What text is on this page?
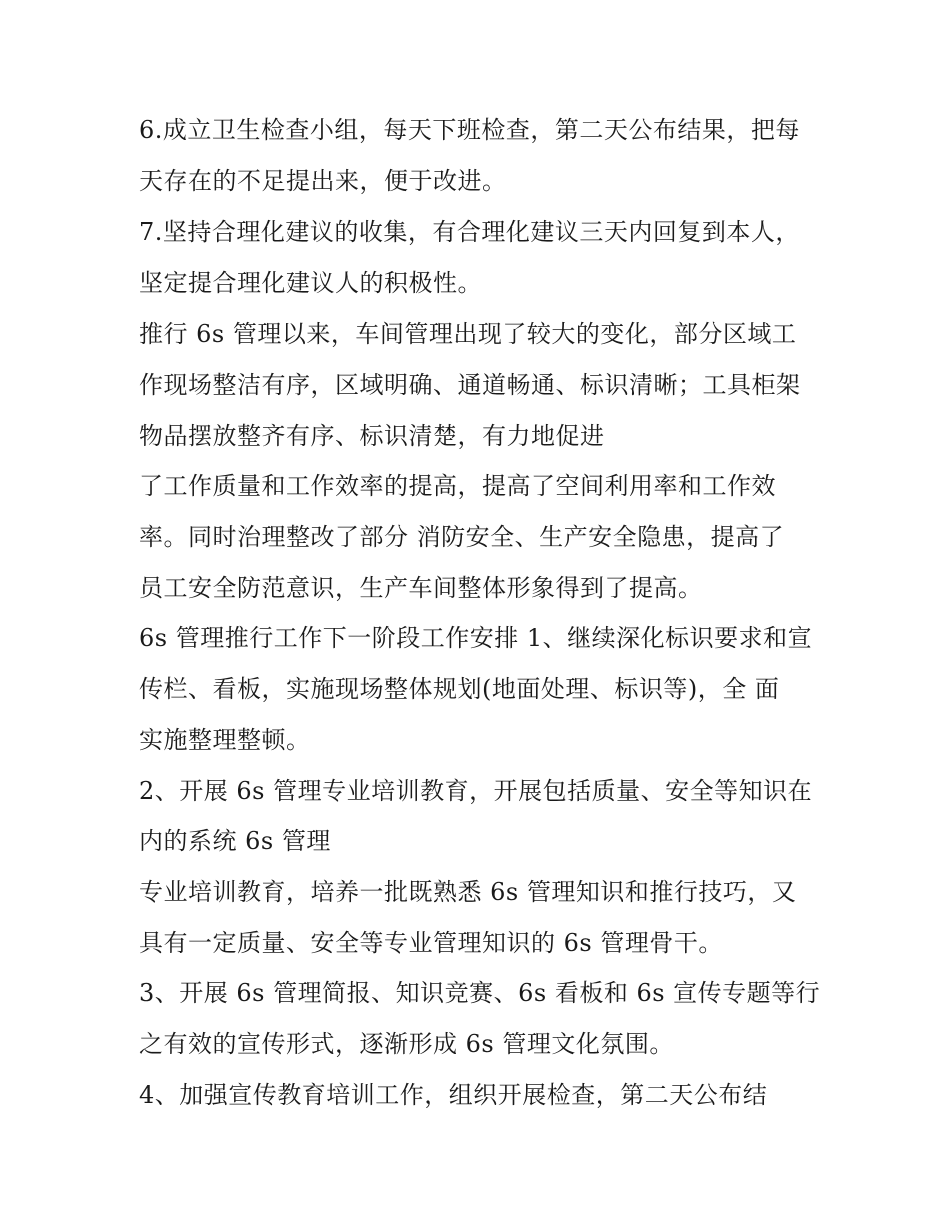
6.成立卫生检查小组，每天下班检查，第二天公布结果，把每
天存在的不足提出来，便于改进。
7.坚持合理化建议的收集，有合理化建议三天内回复到本人，
坚定提合理化建议人的积极性。
推行 6s 管理以来，车间管理出现了较大的变化，部分区域工
作现场整洁有序，区域明确、通道畅通、标识清晰；工具柜架
物品摆放整齐有序、标识清楚，有力地促进
了工作质量和工作效率的提高，提高了空间利用率和工作效
率。同时治理整改了部分 消防安全、生产安全隐患，提高了
员工安全防范意识，生产车间整体形象得到了提高。
6s 管理推行工作下一阶段工作安排 1、继续深化标识要求和宣
传栏、看板，实施现场整体规划(地面处理、标识等)，全 面
实施整理整顿。
2、开展 6s 管理专业培训教育，开展包括质量、安全等知识在
内的系统 6s 管理
专业培训教育，培养一批既熟悉 6s 管理知识和推行技巧，又
具有一定质量、安全等专业管理知识的 6s 管理骨干。
3、开展 6s 管理简报、知识竞赛、6s 看板和 6s 宣传专题等行
之有效的宣传形式，逐渐形成 6s 管理文化氛围。
4、加强宣传教育培训工作，组织开展检查，第二天公布结
